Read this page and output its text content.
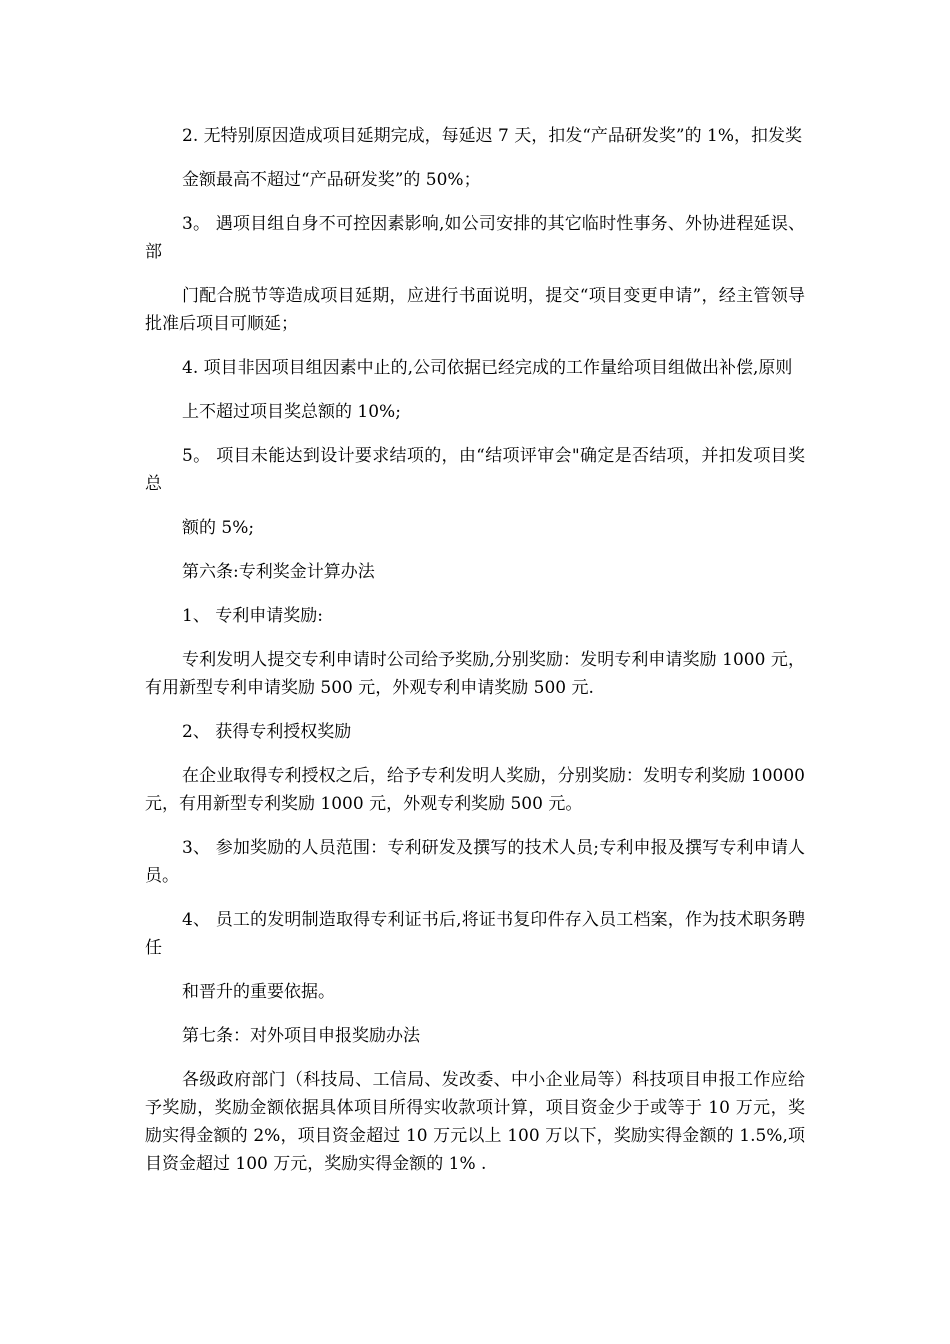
2. 无特别原因造成项目延期完成，每延迟 7 天，扣发“产品研发奖”的 1%，扣发奖

金额最高不超过“产品研发奖”的 50%；

3。 遇项目组自身不可控因素影响,如公司安排的其它临时性事务、外协进程延误、部

门配合脱节等造成项目延期，应进行书面说明，提交“项目变更申请”，经主管领导批准后项目可顺延；

4. 项目非因项目组因素中止的,公司依据已经完成的工作量给项目组做出补偿,原则

上不超过项目奖总额的 10%;

5。 项目未能达到设计要求结项的，由“结项评审会"确定是否结项，并扣发项目奖总

额的 5%;

第六条:专利奖金计算办法

1、 专利申请奖励:

专利发明人提交专利申请时公司给予奖励,分别奖励：发明专利申请奖励 1000 元，有用新型专利申请奖励 500 元，外观专利申请奖励 500 元.

2、 获得专利授权奖励

在企业取得专利授权之后，给予专利发明人奖励，分别奖励：发明专利奖励 10000 元，有用新型专利奖励 1000 元，外观专利奖励 500 元。

3、 参加奖励的人员范围：专利研发及撰写的技术人员;专利申报及撰写专利申请人员。

4、 员工的发明制造取得专利证书后,将证书复印件存入员工档案，作为技术职务聘任

和晋升的重要依据。

第七条：对外项目申报奖励办法

各级政府部门（科技局、工信局、发改委、中小企业局等）科技项目申报工作应给予奖励，奖励金额依据具体项目所得实收款项计算，项目资金少于或等于 10 万元，奖励实得金额的 2%，项目资金超过 10 万元以上 100 万以下，奖励实得金额的 1.5%,项目资金超过 100 万元，奖励实得金额的 1% .
